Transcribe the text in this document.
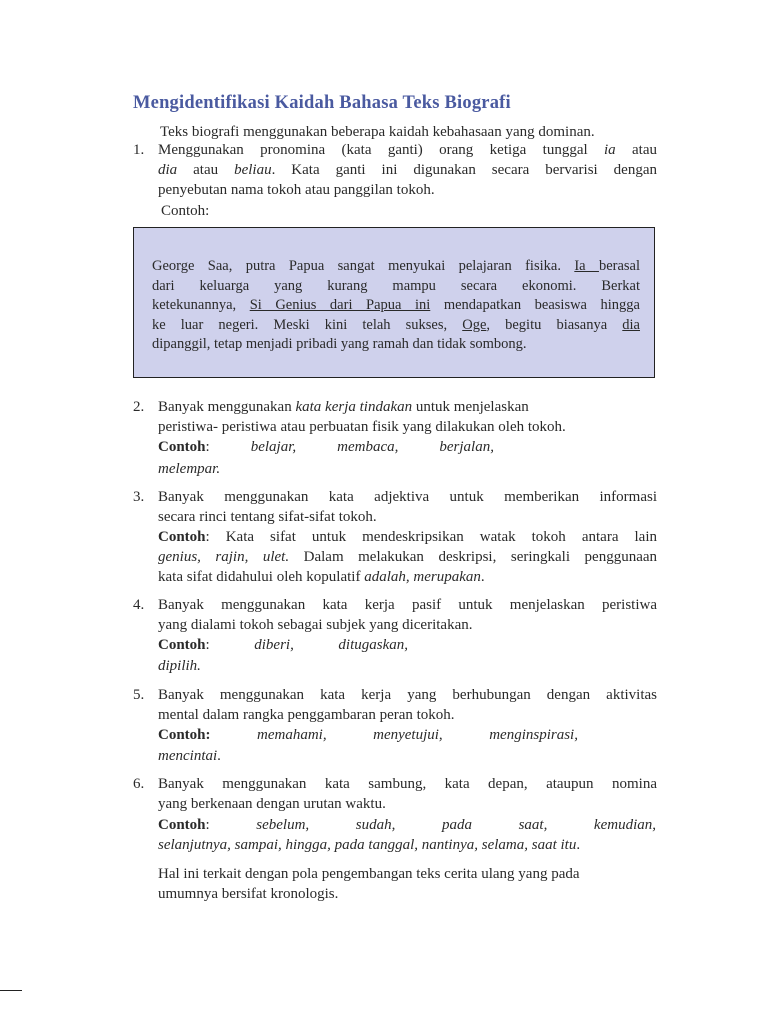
Mengidentifikasi Kaidah Bahasa Teks Biografi
Teks biografi menggunakan beberapa kaidah kebahasaan yang dominan.
1. Menggunakan pronomina (kata ganti) orang ketiga tunggal ia atau
dia atau beliau. Kata ganti ini digunakan secara bervarisi dengan
penyebutan nama tokoh atau panggilan tokoh.
Contoh:
George Saa, putra Papua sangat menyukai pelajaran fisika. Ia berasal
dari keluarga yang kurang mampu secara ekonomi. Berkat
ketekunannya, Si Genius dari Papua ini mendapatkan beasiswa hingga
ke luar negeri. Meski kini telah sukses, Oge, begitu biasanya dia
dipanggil, tetap menjadi pribadi yang ramah dan tidak sombong.
2. Banyak menggunakan kata kerja tindakan untuk menjelaskan
peristiwa- peristiwa atau perbuatan fisik yang dilakukan oleh tokoh.
Contoh:	belajar,	membaca,	berjalan,
melempar.
3. Banyak menggunakan kata adjektiva untuk memberikan informasi
secara rinci tentang sifat-sifat tokoh.
Contoh: Kata sifat untuk mendeskripsikan watak tokoh antara lain
genius, rajin, ulet. Dalam melakukan deskripsi, seringkali penggunaan
kata sifat didahului oleh kopulatif adalah, merupakan.
4. Banyak menggunakan kata kerja pasif untuk menjelaskan peristiwa
yang dialami tokoh sebagai subjek yang diceritakan.
Contoh:	diberi,	ditugaskan,
dipilih.
5. Banyak menggunakan kata kerja yang berhubungan dengan aktivitas
mental dalam rangka penggambaran peran tokoh.
Contoh:	memahami,	menyetujui,	menginspirasi,
mencintai.
6. Banyak menggunakan kata sambung, kata depan, ataupun nomina
yang berkenaan dengan urutan waktu.
Contoh:	sebelum,	sudah,	pada	saat,	kemudian,
selanjutnya, sampai, hingga, pada tanggal, nantinya, selama, saat itu.
Hal ini terkait dengan pola pengembangan teks cerita ulang yang pada
umumnya bersifat kronologis.
